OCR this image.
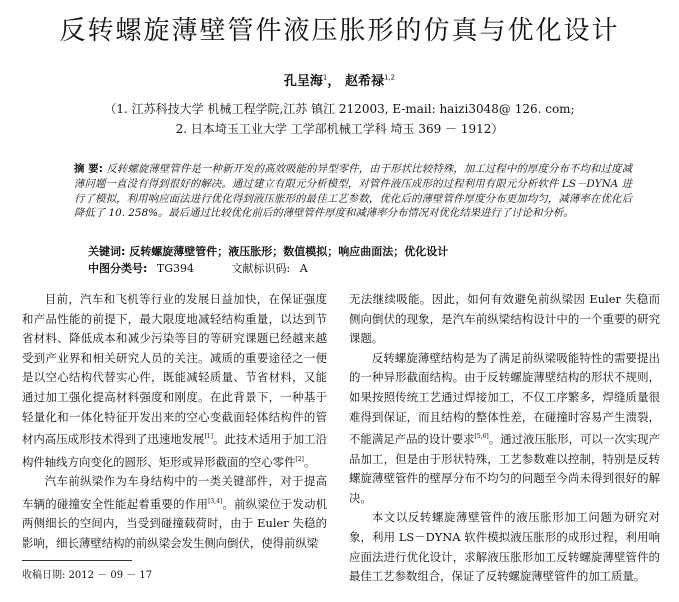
反转螺旋薄壁管件液压胀形的仿真与优化设计
孔呈海$^1$， 赵希禄$^{1,2}$
（1. 江苏科技大学 机械工程学院,江苏 镇江 212003, E-mail: haizi3048@ 126. com;
2. 日本埼玉工业大学 工学部机械工学科 埼玉 369 － 1912）
摘 要: 反转螺旋薄壁管件是一种新开发的高效吸能的异型零件，由于形状比较特殊，加工过程中的厚度分布不均和过度减薄问题一直没有得到很好的解决。通过建立有限元分析模型，对管件液压成形的过程利用有限元分析软件 LS－DYNA 进行了模拟，利用响应面法进行优化得到液压胀形的最佳工艺参数，优化后的薄壁管件厚度分布更加均匀，减薄率在优化后降低了 10. 258%。最后通过比较优化前后的薄壁管件厚度和减薄率分布情况对优化结果进行了讨论和分析。
关键词: 反转螺旋薄壁管件；液压胀形；数值模拟；响应曲面法；优化设计
中图分类号: TG394	文献标识码: A

目前，汽车和飞机等行业的发展日益加快，在保证强度和产品性能的前提下，最大限度地减轻结构重量，以达到节省材料、降低成本和减少污染等目的等研究课题已经越来越受到产业界和相关研究人员的关注。减质的重要途径之一便是以空心结构代替实心件，既能减轻质量、节省材料，又能通过加工强化提高材料强度和刚度。在此背景下，一种基于轻量化和一体化特征开发出来的空心变截面轻体结构件的管材内高压成形技术得到了迅速地发展[1]。此技术适用于加工沿构件轴线方向变化的圆形、矩形或异形截面的空心零件[2]。

汽车前纵梁作为车身结构中的一类关键部件，对于提高车辆的碰撞安全性能起着重要的作用[3,4]。前纵梁位于发动机两侧细长的空间内，当受到碰撞载荷时，由于 Euler 失稳的影响，细长薄壁结构的前纵梁会发生侧向倒伏，使得前纵梁

无法继续吸能。因此，如何有效避免前纵梁因 Euler 失稳而侧向倒伏的现象，是汽车前纵梁结构设计中的一个重要的研究课题。

反转螺旋薄壁结构是为了满足前纵梁吸能特性的需要提出的一种异形截面结构。由于反转螺旋薄壁结构的形状不规则，如果按照传统工艺通过焊接加工，不仅工序繁多，焊缝质量很难得到保证，而且结构的整体性差，在碰撞时容易产生溃裂，不能满足产品的设计要求[5,6]。通过液压胀形，可以一次实现产品加工，但是由于形状特殊，工艺参数难以控制，特别是反转螺旋薄壁管件的壁厚分布不均匀的问题至今尚未得到很好的解决。

本文以反转螺旋薄壁管件的液压胀形加工问题为研究对象，利用 LS－DYNA 软件模拟液压胀形的成形过程，利用响应面法进行优化设计，求解液压胀形加工反转螺旋薄壁管件的最佳工艺参数组合，保证了反转螺旋薄壁管件的加工质量。

收稿日期: 2012 － 09 － 17
